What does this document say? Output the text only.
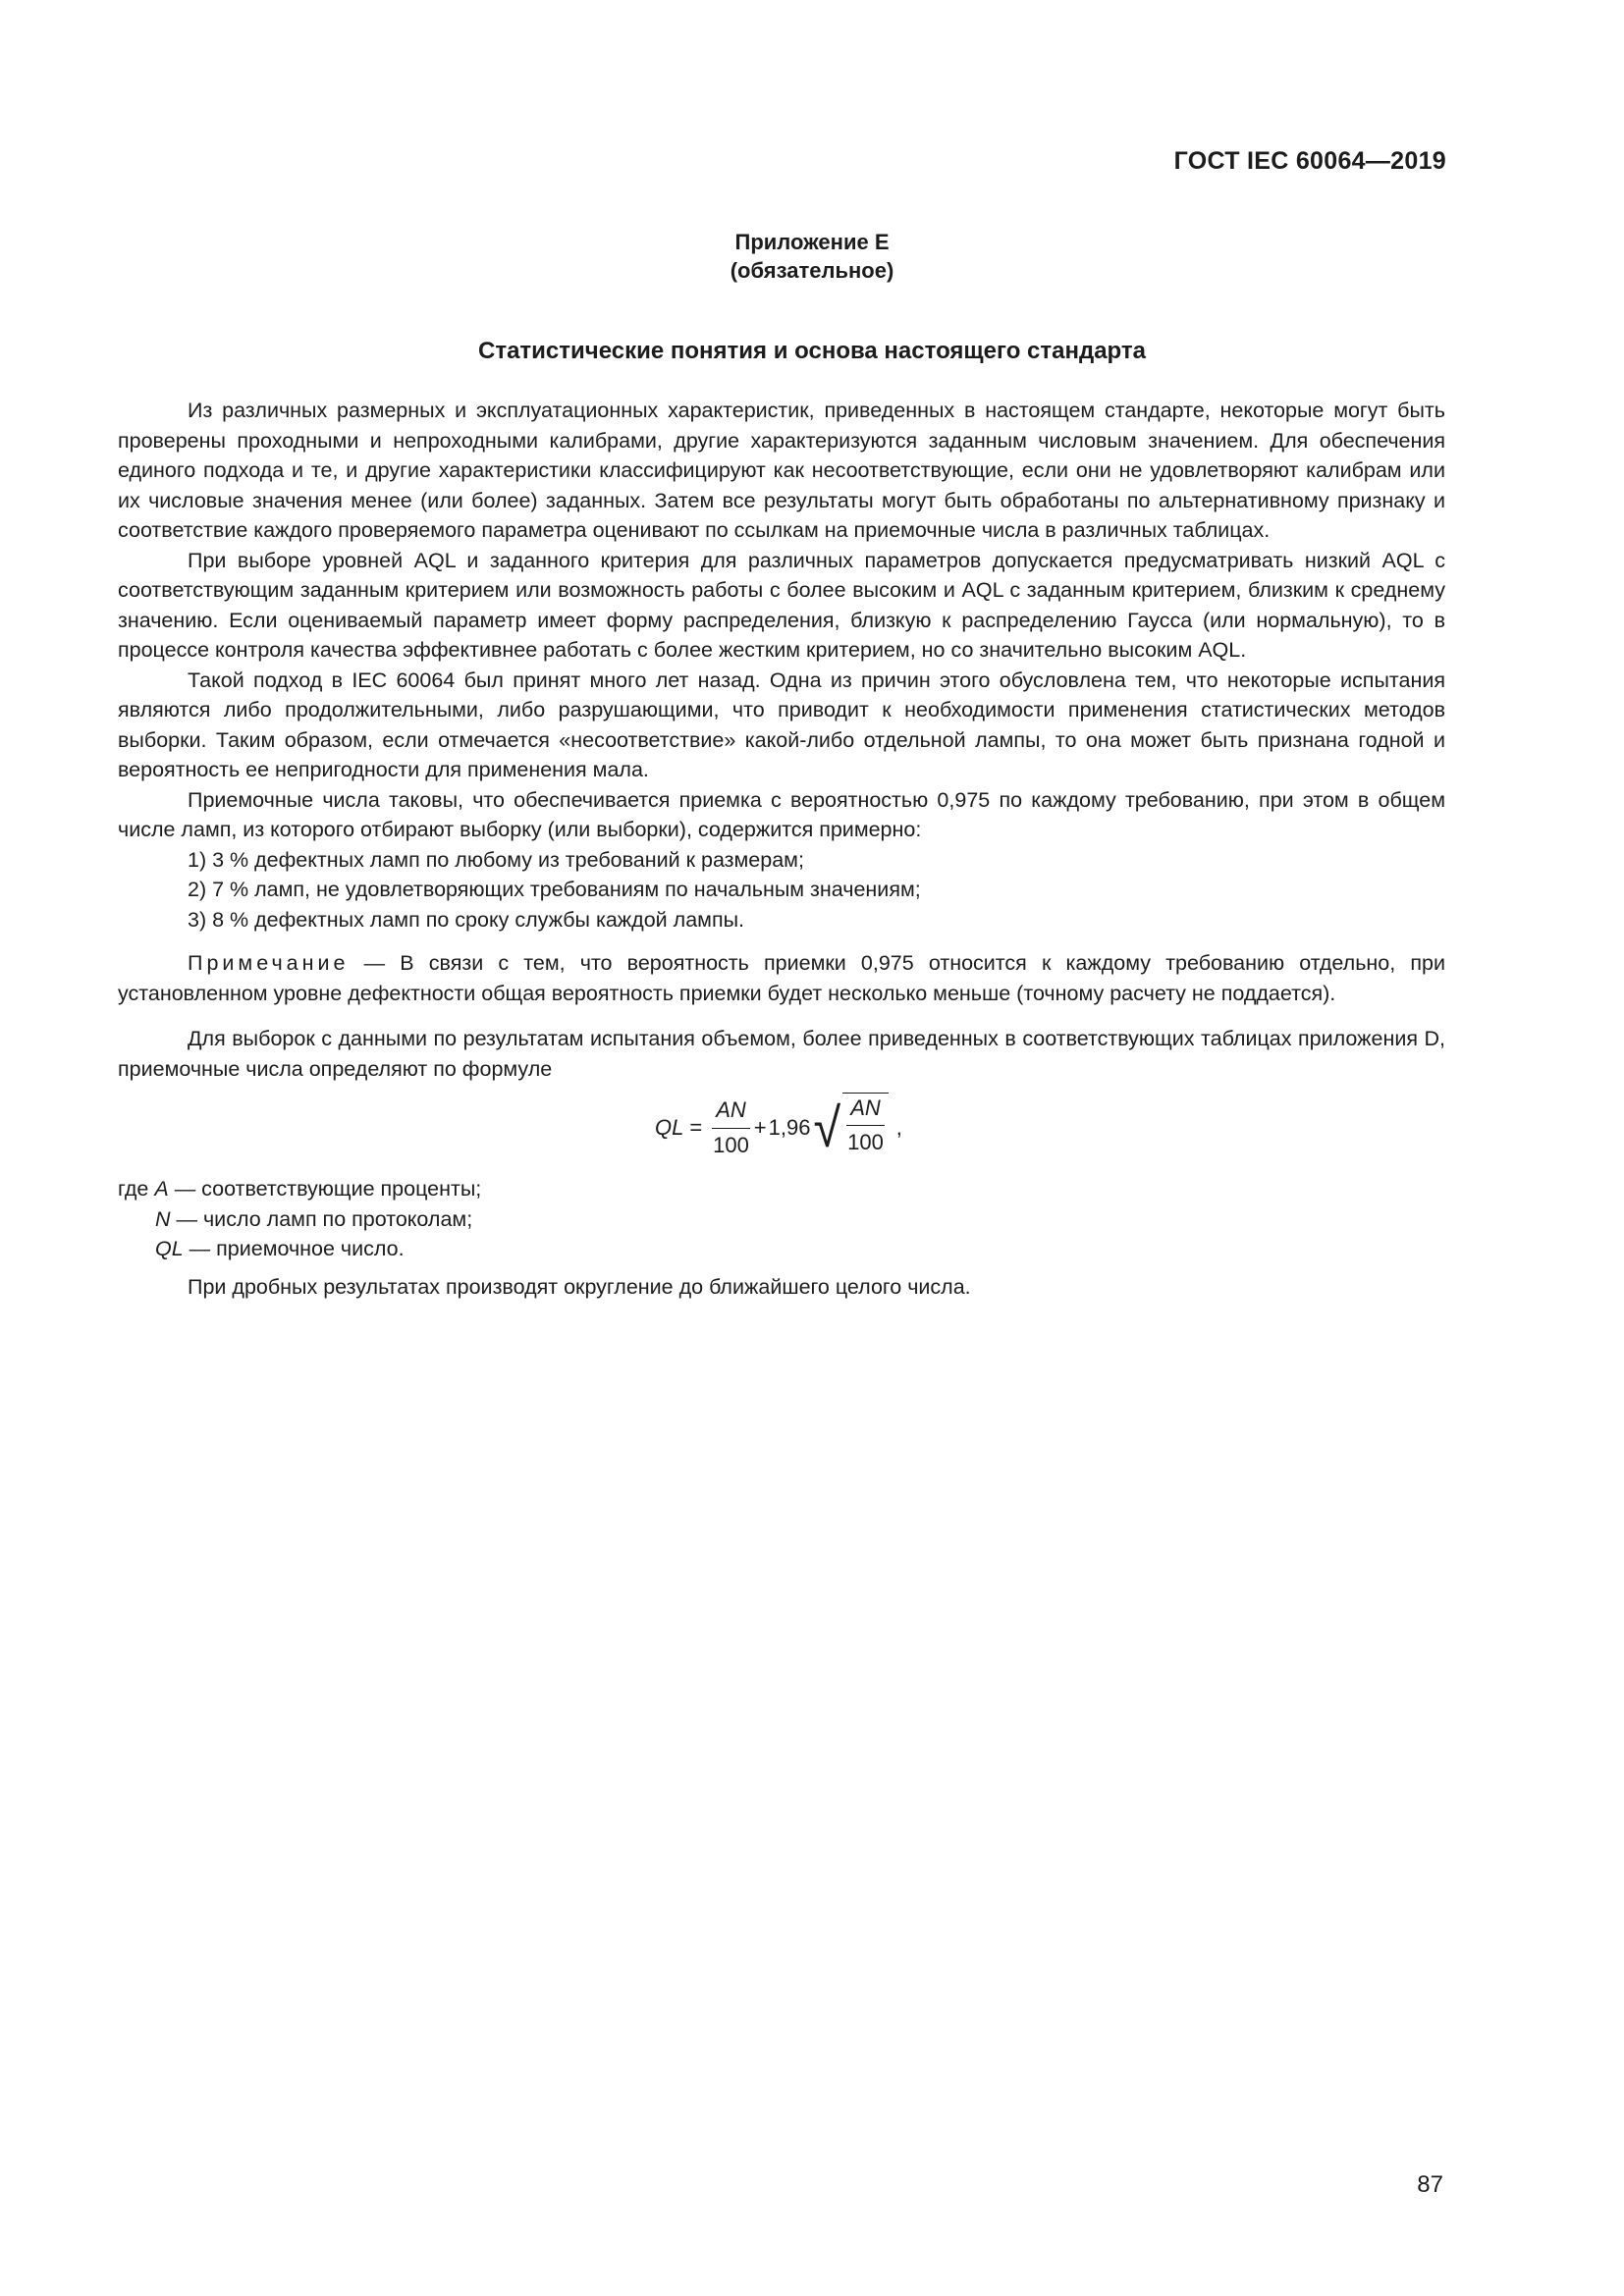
ГОСТ IEC 60064—2019
Приложение E
(обязательное)
Статистические понятия и основа настоящего стандарта

Из различных размерных и эксплуатационных характеристик, приведенных в настоящем стандарте, некоторые могут быть проверены проходными и непроходными калибрами, другие характеризуются заданным числовым значением. Для обеспечения единого подхода и те, и другие характеристики классифицируют как несоответствующие, если они не удовлетворяют калибрам или их числовые значения менее (или более) заданных. Затем все результаты могут быть обработаны по альтернативному признаку и соответствие каждого проверяемого параметра оценивают по ссылкам на приемочные числа в различных таблицах.

При выборе уровней AQL и заданного критерия для различных параметров допускается предусматривать низкий AQL с соответствующим заданным критерием или возможность работы с более высоким и AQL с заданным критерием, близким к среднему значению. Если оцениваемый параметр имеет форму распределения, близкую к распределению Гаусса (или нормальную), то в процессе контроля качества эффективнее работать с более жестким критерием, но со значительно высоким AQL.

Такой подход в IEC 60064 был принят много лет назад. Одна из причин этого обусловлена тем, что некоторые испытания являются либо продолжительными, либо разрушающими, что приводит к необходимости применения статистических методов выборки. Таким образом, если отмечается «несоответствие» какой-либо отдельной лампы, то она может быть признана годной и вероятность ее непригодности для применения мала.

Приемочные числа таковы, что обеспечивается приемка с вероятностью 0,975 по каждому требованию, при этом в общем числе ламп, из которого отбирают выборку (или выборки), содержится примерно:

1) 3 % дефектных ламп по любому из требований к размерам;
2) 7 % ламп, не удовлетворяющих требованиям по начальным значениям;
3) 8 % дефектных ламп по сроку службы каждой лампы.

Примечание — В связи с тем, что вероятность приемки 0,975 относится к каждому требованию отдельно, при установленном уровне дефектности общая вероятность приемки будет несколько меньше (точному расчету не поддается).

Для выборок с данными по результатам испытания объемом, более приведенных в соответствующих таблицах приложения D, приемочные числа определяют по формуле

QL = $\frac{AN}{100} + 1,96$ √ $\frac{AN}{100}$ ,
где A — соответствующие проценты;
N — число ламп по протоколам;
QL — приемочное число.

При дробных результатах производят округление до ближайшего целого числа.

87
